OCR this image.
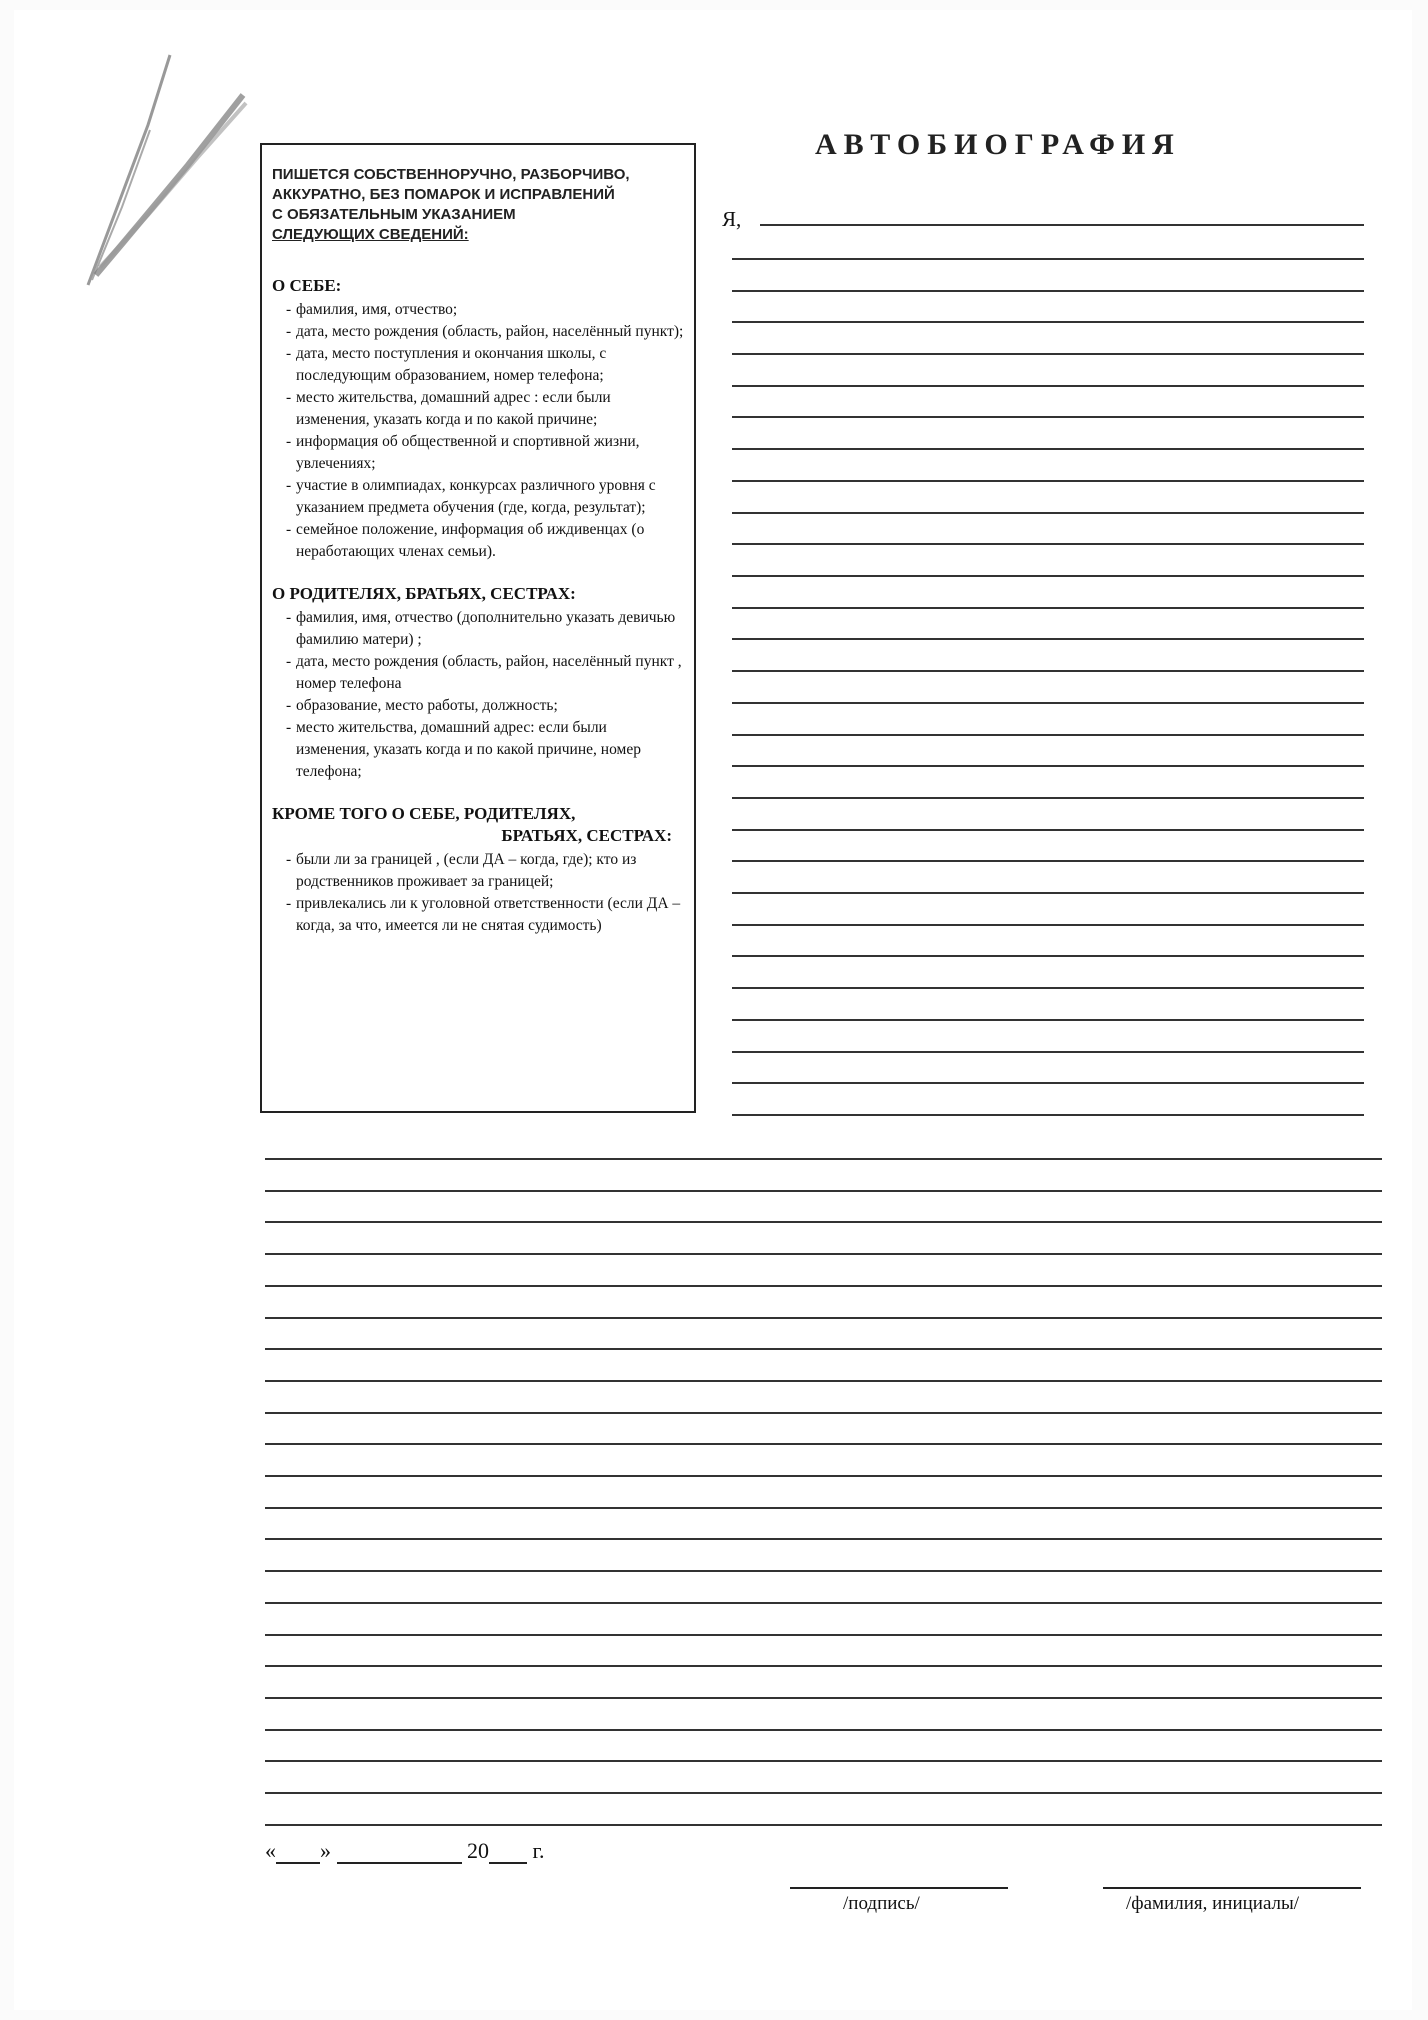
ПИШЕТСЯ СОБСТВЕННОРУЧНО, РАЗБОРЧИВО,
АККУРАТНО, БЕЗ ПОМАРОК И ИСПРАВЛЕНИЙ
С ОБЯЗАТЕЛЬНЫМ УКАЗАНИЕМ
СЛЕДУЮЩИХ СВЕДЕНИЙ:
О СЕБЕ:
- фамилия, имя, отчество;
- дата, место рождения (область, район, населённый пункт);
- дата, место поступления и окончания школы, с последующим образованием, номер телефона;
- место жительства, домашний адрес : если были изменения, указать когда и по какой причине;
- информация об общественной и спортивной жизни, увлечениях;
- участие в олимпиадах, конкурсах различного уровня с указанием предмета обучения (где, когда, результат);
- семейное положение, информация об иждивенцах (о неработающих членах семьи).
О РОДИТЕЛЯХ, БРАТЬЯХ, СЕСТРАХ:
- фамилия, имя, отчество (дополнительно указать девичью фамилию матери) ;
- дата, место рождения (область, район, населённый пункт , номер телефона
- образование, место работы, должность;
- место жительства, домашний адрес: если были изменения, указать когда и по какой причине, номер телефона;
КРОМЕ ТОГО О СЕБЕ, РОДИТЕЛЯХ,
БРАТЬЯХ, СЕСТРАХ:
- были ли за границей , (если ДА – когда, где); кто из родственников проживает за границей;
- привлекались ли к уголовной ответственности (если ДА – когда, за что, имеется ли не снятая судимость)
АВТОБИОГРАФИЯ
Я,
« »	20 г.
/подпись/	/фамилия, инициалы/
